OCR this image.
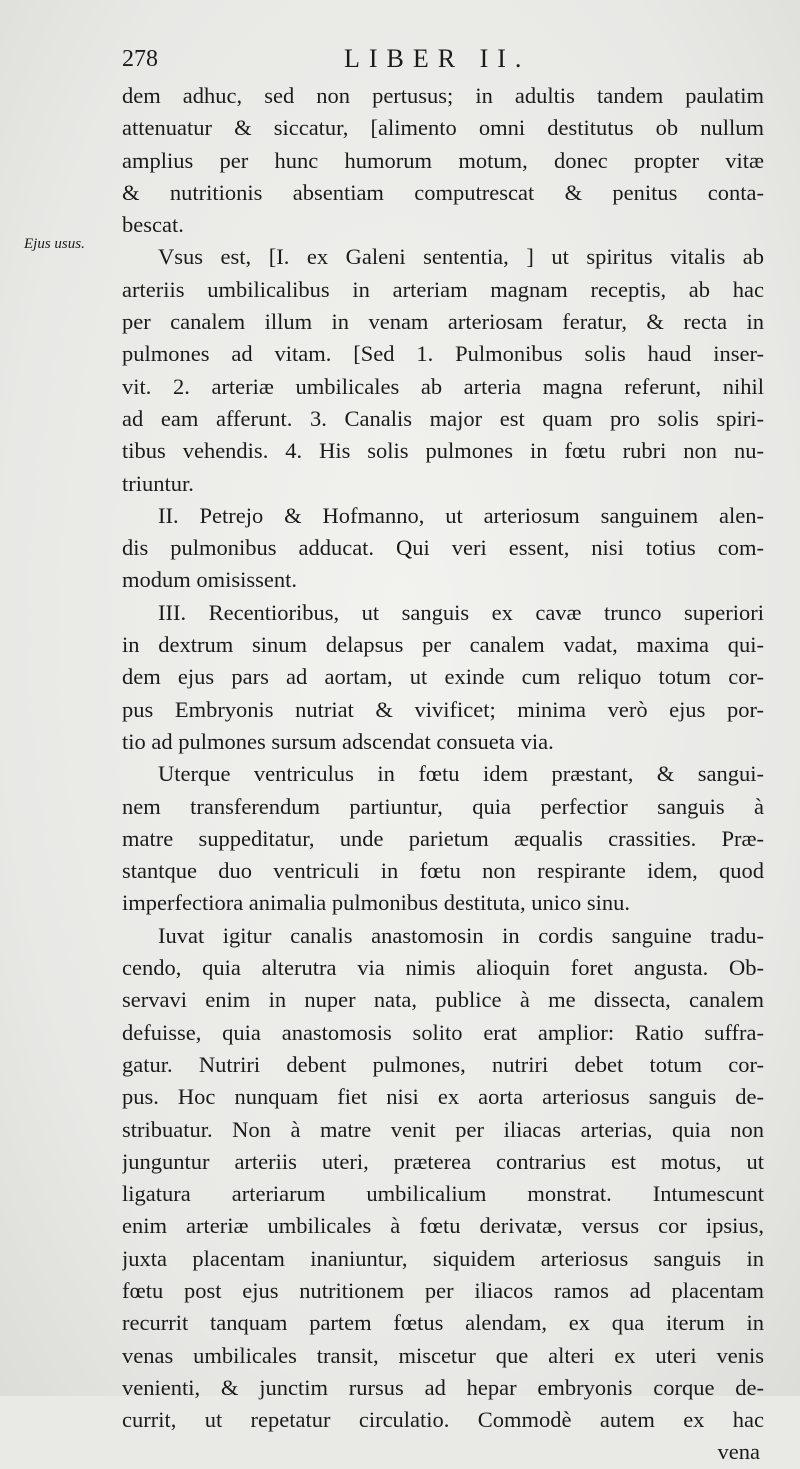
278	LIBER II.
Ejus usus.
dem adhuc, sed non pertusus; in adultis tandem paulatim
attenuatur & siccatur, [alimento omni destitutus ob nullum
amplius per hunc humorum motum, donec propter vitæ
& nutritionis absentiam computrescat & penitus conta-
bescat.
Vsus est, [I. ex Galeni sententia, ] ut spiritus vitalis ab
arteriis umbilicalibus in arteriam magnam receptis, ab hac
per canalem illum in venam arteriosam feratur, & recta in
pulmones ad vitam. [Sed 1. Pulmonibus solis haud inser-
vit. 2. arteriæ umbilicales ab arteria magna referunt, nihil
ad eam afferunt. 3. Canalis major est quam pro solis spiri-
tibus vehendis. 4. His solis pulmones in fœtu rubri non nu-
triuntur.
II. Petrejo & Hofmanno, ut arteriosum sanguinem alen-
dis pulmonibus adducat. Qui veri essent, nisi totius com-
modum omisissent.
III. Recentioribus, ut sanguis ex cavæ trunco superiori
in dextrum sinum delapsus per canalem vadat, maxima qui-
dem ejus pars ad aortam, ut exinde cum reliquo totum cor-
pus Embryonis nutriat & vivificet; minima verò ejus por-
tio ad pulmones sursum adscendat consueta via.
Uterque ventriculus in fœtu idem præstant, & sangui-
nem transferendum partiuntur, quia perfectior sanguis à
matre suppeditatur, unde parietum æqualis crassities. Præ-
stantque duo ventriculi in fœtu non respirante idem, quod
imperfectiora animalia pulmonibus destituta, unico sinu.
Iuvat igitur canalis anastomosin in cordis sanguine tradu-
cendo, quia alterutra via nimis alioquin foret angusta. Ob-
servavi enim in nuper nata, publice à me dissecta, canalem
defuisse, quia anastomosis solito erat amplior: Ratio suffra-
gatur. Nutriri debent pulmones, nutriri debet totum cor-
pus. Hoc nunquam fiet nisi ex aorta arteriosus sanguis de-
stribuatur. Non à matre venit per iliacas arterias, quia non
junguntur arteriis uteri, præterea contrarius est motus, ut
ligatura arteriarum umbilicalium monstrat. Intumescunt
enim arteriæ umbilicales à fœtu derivatæ, versus cor ipsius,
juxta placentam inaniuntur, siquidem arteriosus sanguis in
fœtu post ejus nutritionem per iliacos ramos ad placentam
recurrit tanquam partem fœtus alendam, ex qua iterum in
venas umbilicales transit, miscetur que alteri ex uteri venis
venienti, & junctim rursus ad hepar embryonis corque de-
currit, ut repetatur circulatio. Commodè autem ex hac
vena
